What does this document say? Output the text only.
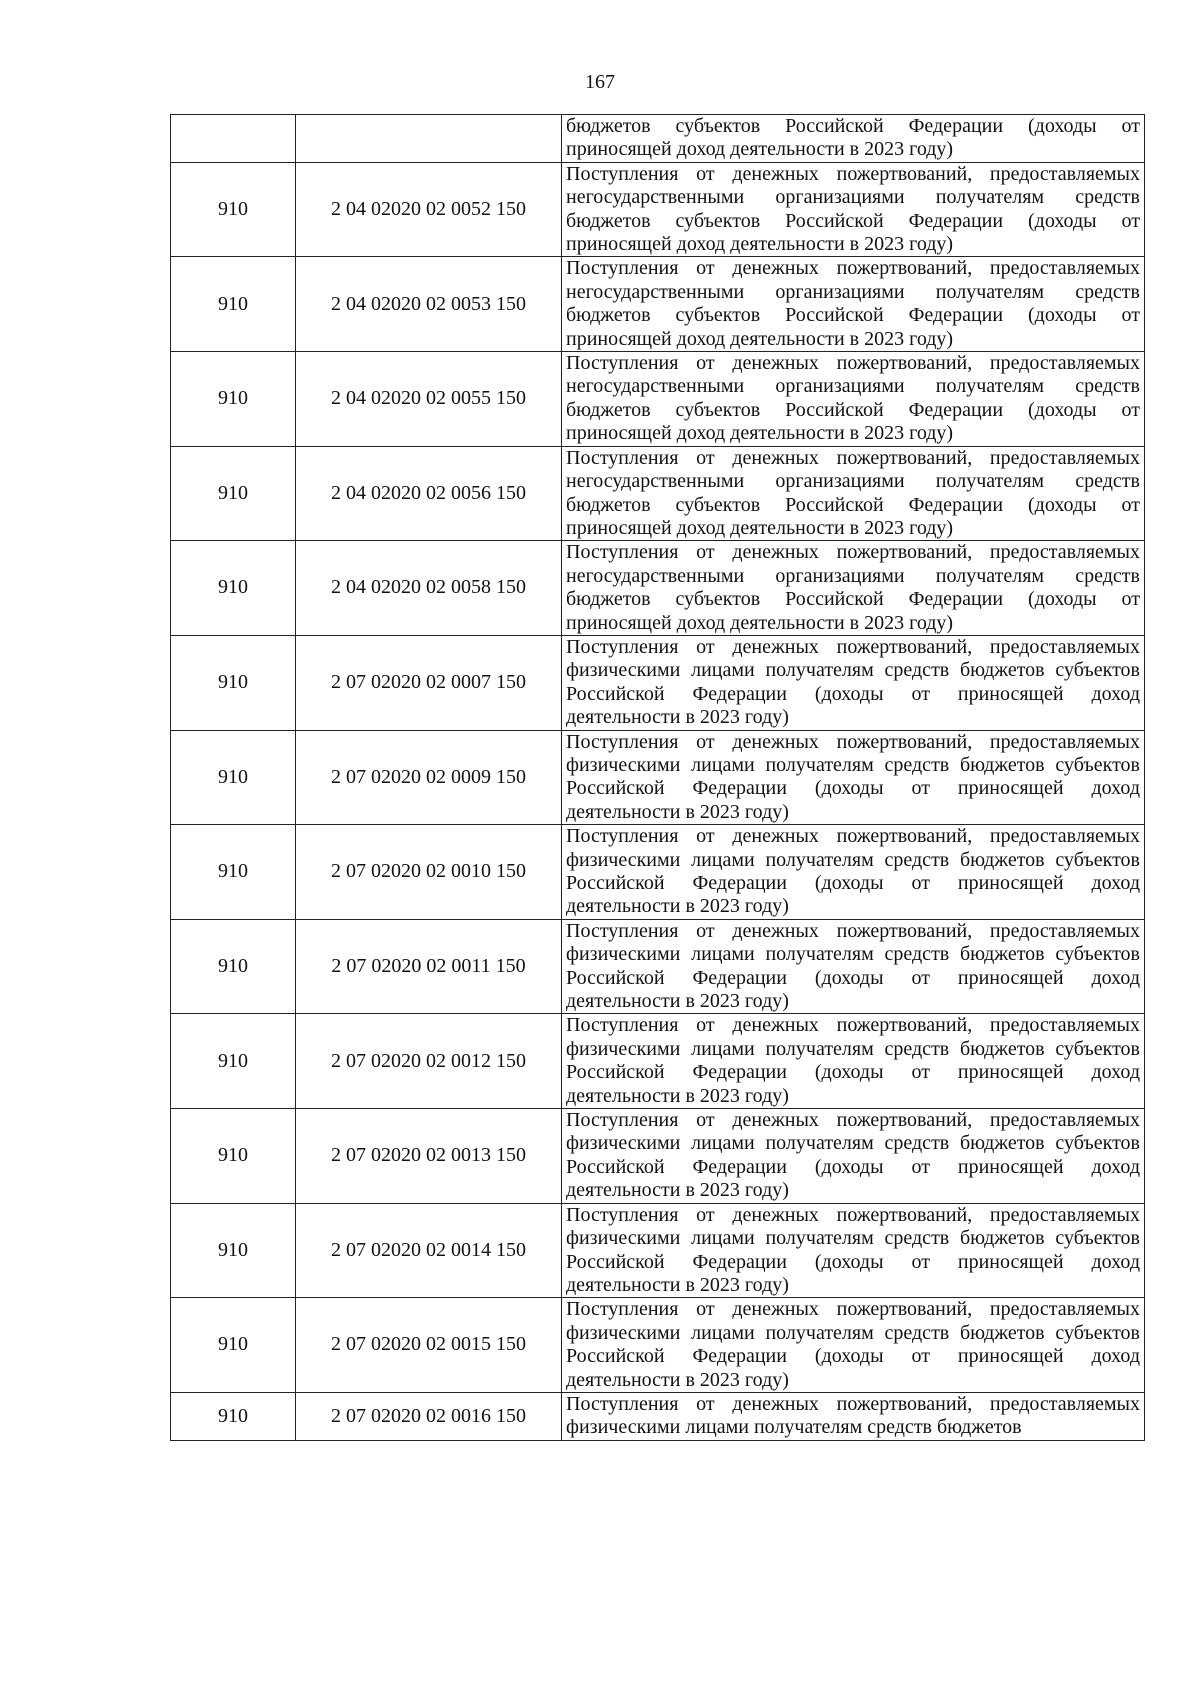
167
		бюджетов субъектов Российской Федерации (доходы от приносящей доход деятельности в 2023 году)
910	2 04 02020 02 0052 150	Поступления от денежных пожертвований, предоставляемых негосударственными организациями получателям средств бюджетов субъектов Российской Федерации (доходы от приносящей доход деятельности в 2023 году)
910	2 04 02020 02 0053 150	Поступления от денежных пожертвований, предоставляемых негосударственными организациями получателям средств бюджетов субъектов Российской Федерации (доходы от приносящей доход деятельности в 2023 году)
910	2 04 02020 02 0055 150	Поступления от денежных пожертвований, предоставляемых негосударственными организациями получателям средств бюджетов субъектов Российской Федерации (доходы от приносящей доход деятельности в 2023 году)
910	2 04 02020 02 0056 150	Поступления от денежных пожертвований, предоставляемых негосударственными организациями получателям средств бюджетов субъектов Российской Федерации (доходы от приносящей доход деятельности в 2023 году)
910	2 04 02020 02 0058 150	Поступления от денежных пожертвований, предоставляемых негосударственными организациями получателям средств бюджетов субъектов Российской Федерации (доходы от приносящей доход деятельности в 2023 году)
910	2 07 02020 02 0007 150	Поступления от денежных пожертвований, предоставляемых физическими лицами получателям средств бюджетов субъектов Российской Федерации (доходы от приносящей доход деятельности в 2023 году)
910	2 07 02020 02 0009 150	Поступления от денежных пожертвований, предоставляемых физическими лицами получателям средств бюджетов субъектов Российской Федерации (доходы от приносящей доход деятельности в 2023 году)
910	2 07 02020 02 0010 150	Поступления от денежных пожертвований, предоставляемых физическими лицами получателям средств бюджетов субъектов Российской Федерации (доходы от приносящей доход деятельности в 2023 году)
910	2 07 02020 02 0011 150	Поступления от денежных пожертвований, предоставляемых физическими лицами получателям средств бюджетов субъектов Российской Федерации (доходы от приносящей доход деятельности в 2023 году)
910	2 07 02020 02 0012 150	Поступления от денежных пожертвований, предоставляемых физическими лицами получателям средств бюджетов субъектов Российской Федерации (доходы от приносящей доход деятельности в 2023 году)
910	2 07 02020 02 0013 150	Поступления от денежных пожертвований, предоставляемых физическими лицами получателям средств бюджетов субъектов Российской Федерации (доходы от приносящей доход деятельности в 2023 году)
910	2 07 02020 02 0014 150	Поступления от денежных пожертвований, предоставляемых физическими лицами получателям средств бюджетов субъектов Российской Федерации (доходы от приносящей доход деятельности в 2023 году)
910	2 07 02020 02 0015 150	Поступления от денежных пожертвований, предоставляемых физическими лицами получателям средств бюджетов субъектов Российской Федерации (доходы от приносящей доход деятельности в 2023 году)
910	2 07 02020 02 0016 150	Поступления от денежных пожертвований, предоставляемых физическими лицами получателям средств бюджетов
